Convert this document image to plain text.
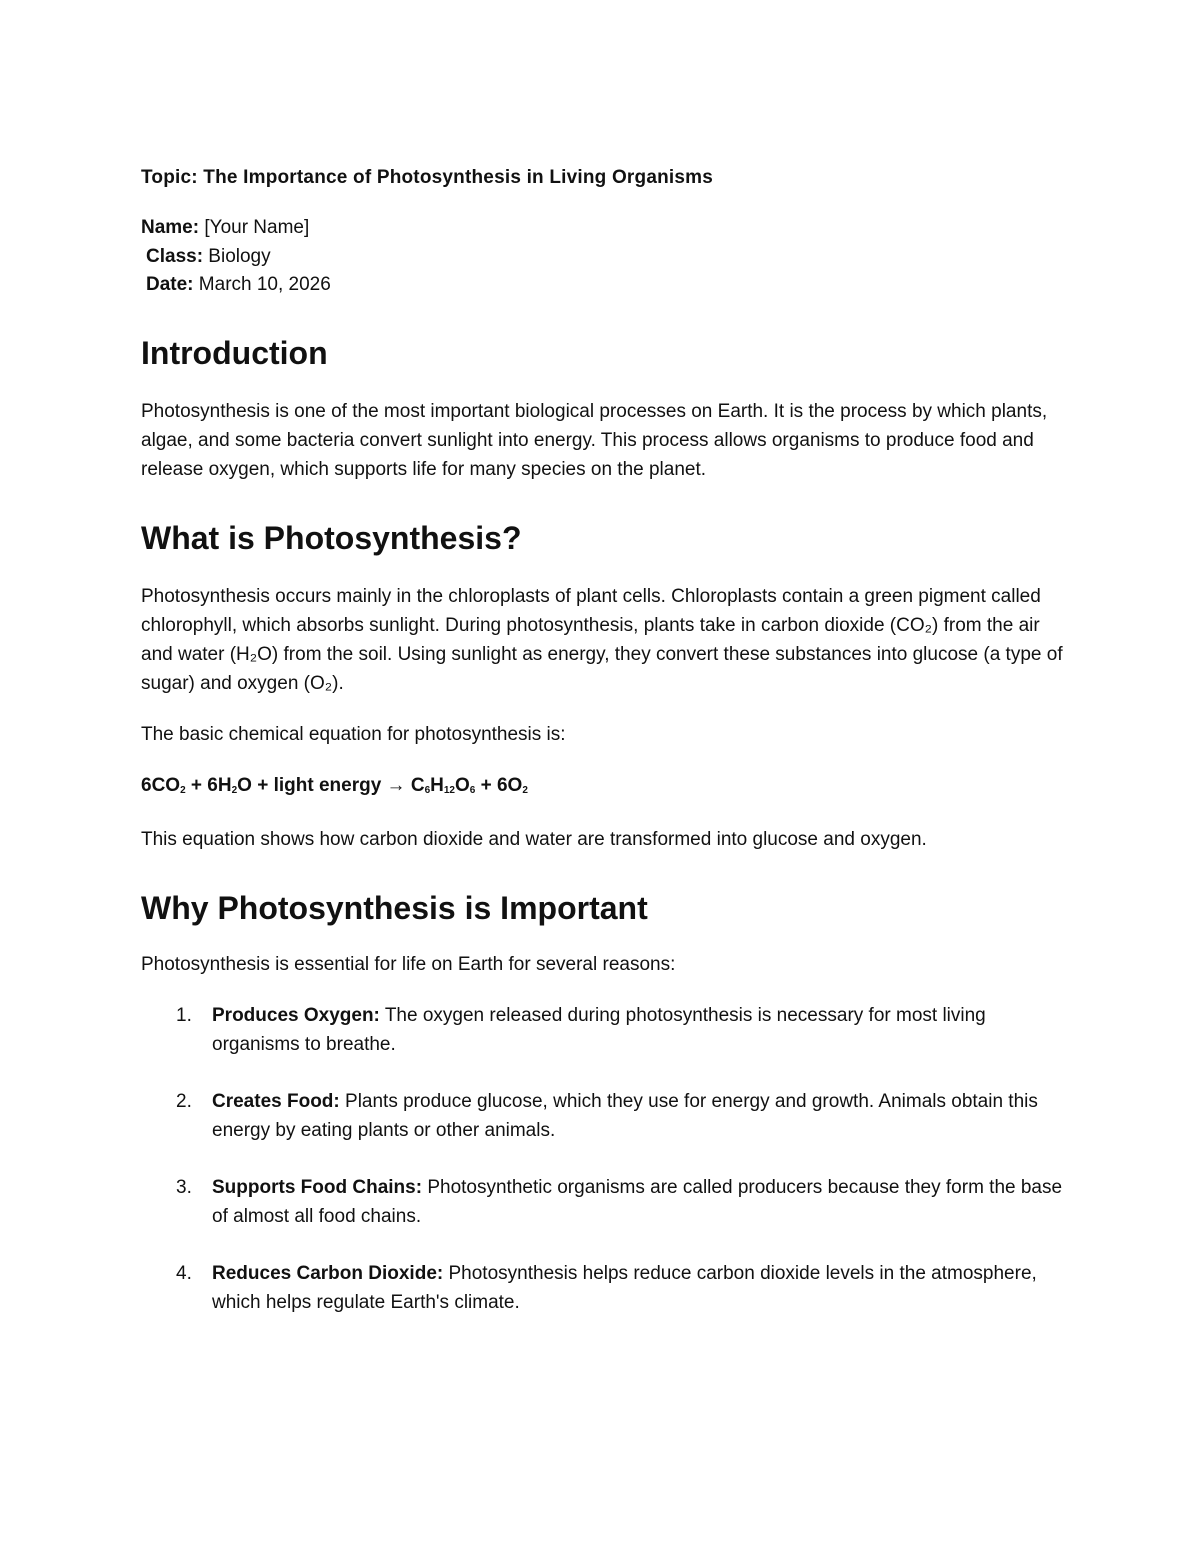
Topic: The Importance of Photosynthesis in Living Organisms

Name: [Your Name]

Class: Biology

Date: March 10, 2026

Introduction

Photosynthesis is one of the most important biological processes on Earth. It is the process by which plants, algae, and some bacteria convert sunlight into energy. This process allows organisms to produce food and release oxygen, which supports life for many species on the planet.

What is Photosynthesis?

Photosynthesis occurs mainly in the chloroplasts of plant cells. Chloroplasts contain a green pigment called chlorophyll, which absorbs sunlight. During photosynthesis, plants take in carbon dioxide (CO₂) from the air and water (H₂O) from the soil. Using sunlight as energy, they convert these substances into glucose (a type of sugar) and oxygen (O₂).

The basic chemical equation for photosynthesis is:

$6CO_2 + 6H_2O$ + light energy → $C_6H_{12}O_6 + 6O_2$

This equation shows how carbon dioxide and water are transformed into glucose and oxygen.

Why Photosynthesis is Important

Photosynthesis is essential for life on Earth for several reasons:

1. Produces Oxygen: The oxygen released during photosynthesis is necessary for most living organisms to breathe.
2. Creates Food: Plants produce glucose, which they use for energy and growth. Animals obtain this energy by eating plants or other animals.
3. Supports Food Chains: Photosynthetic organisms are called producers because they form the base of almost all food chains.
4. Reduces Carbon Dioxide: Photosynthesis helps reduce carbon dioxide levels in the atmosphere, which helps regulate Earth's climate.
